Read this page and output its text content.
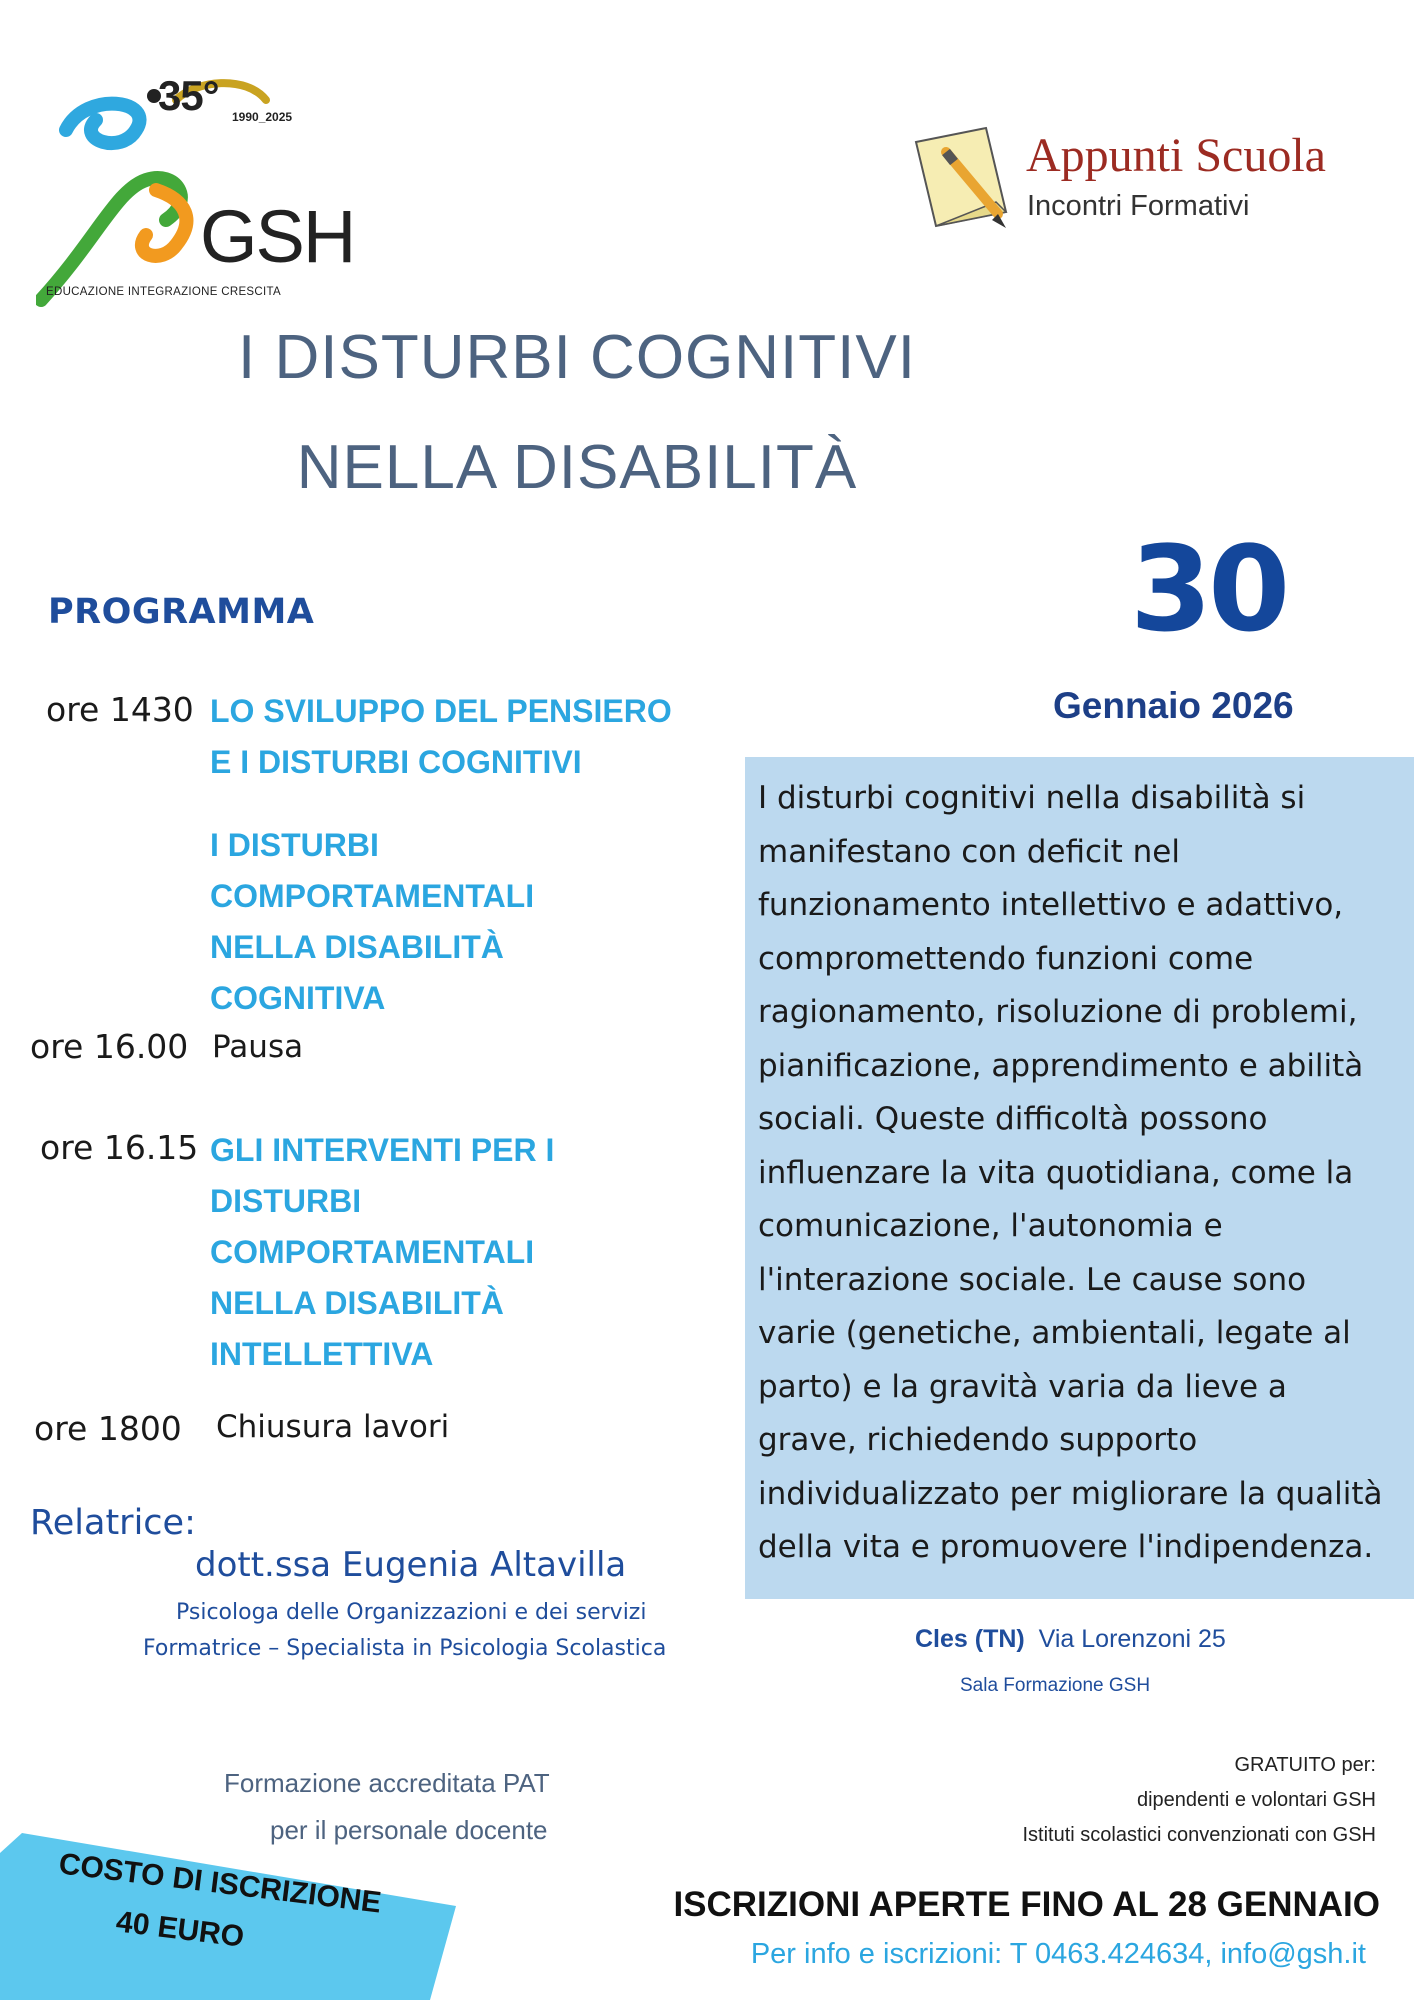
35° 1990_2025
GSH
EDUCAZIONE INTEGRAZIONE CRESCITA
Appunti Scuola
Incontri Formativi
I DISTURBI COGNITIVI
NELLA DISABILITÀ
30
Gennaio 2026
PROGRAMMA
ore 1430 LO SVILUPPO DEL PENSIERO
E I DISTURBI COGNITIVI
I DISTURBI
COMPORTAMENTALI
NELLA DISABILITÀ
COGNITIVA
ore 16.00 Pausa
ore 16.15 GLI INTERVENTI PER I
DISTURBI
COMPORTAMENTALI
NELLA DISABILITÀ
INTELLETTIVA
ore 1800 Chiusura lavori
I disturbi cognitivi nella disabilità si
manifestano con deficit nel
funzionamento intellettivo e adattivo,
compromettendo funzioni come
ragionamento, risoluzione di problemi,
pianificazione, apprendimento e abilità
sociali. Queste difficoltà possono
influenzare la vita quotidiana, come la
comunicazione, l'autonomia e
l'interazione sociale. Le cause sono
varie (genetiche, ambientali, legate al
parto) e la gravità varia da lieve a
grave, richiedendo supporto
individualizzato per migliorare la qualità
della vita e promuovere l'indipendenza.
Relatrice:
dott.ssa Eugenia Altavilla
Psicologa delle Organizzazioni e dei servizi
Formatrice – Specialista in Psicologia Scolastica	Cles (TN) Via Lorenzoni 25
Sala Formazione GSH
Formazione accreditata PAT
per il personale docente
GRATUITO per:
dipendenti e volontari GSH
Istituti scolastici convenzionati con GSH
COSTO DI ISCRIZIONE
40 EURO
ISCRIZIONI APERTE FINO AL 28 GENNAIO
Per info e iscrizioni: T 0463.424634, info@gsh.it
